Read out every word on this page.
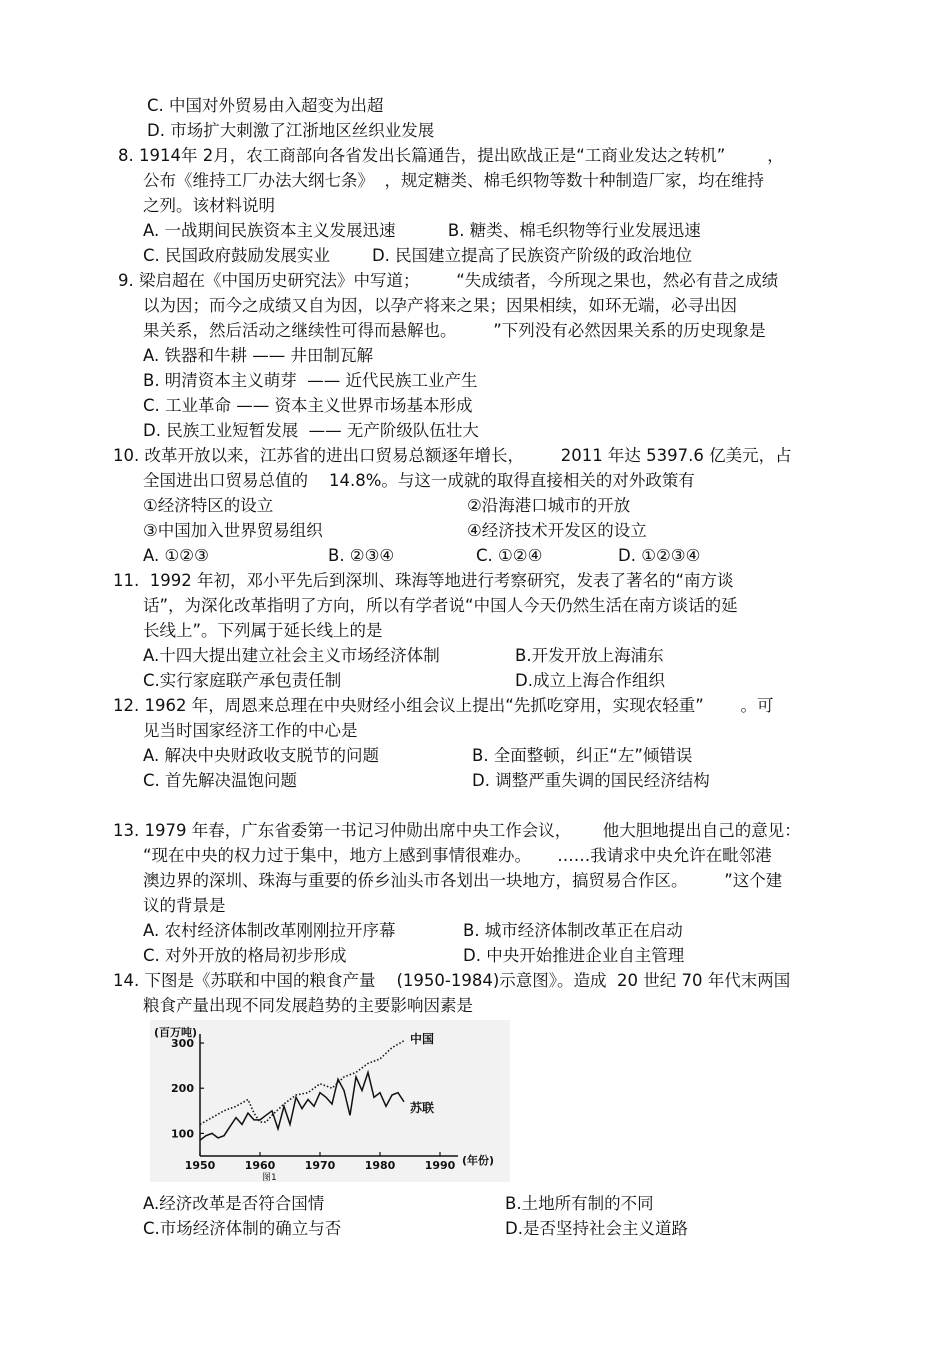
C. 中国对外贸易由入超变为出超
D. 市场扩大刺激了江浙地区丝织业发展
8. 1914年 2月，农工商部向各省发出长篇通告，提出欧战正是“工商业发达之转机”        ，
公布《维持工厂办法大纲七条》  ，规定糖类、棉毛织物等数十种制造厂家，均在维持
之列。该材料说明
A. 一战期间民族资本主义发展迅速          B. 糖类、棉毛织物等行业发展迅速
C. 民国政府鼓励发展实业        D. 民国建立提高了民族资产阶级的政治地位
9. 梁启超在《中国历史研究法》中写道；       “失成绩者，今所现之果也，然必有昔之成绩
以为因；而今之成绩又自为因，以孕产将来之果；因果相续，如环无端，必寻出因
果关系，然后活动之继续性可得而悬解也。       ”下列没有必然因果关系的历史现象是
A. 铁器和牛耕 —— 井田制瓦解
B. 明清资本主义萌芽  —— 近代民族工业产生
C. 工业革命 —— 资本主义世界市场基本形成
D. 民族工业短暂发展  —— 无产阶级队伍壮大
10. 改革开放以来，江苏省的进出口贸易总额逐年增长，       2011 年达 5397.6 亿美元，占
全国进出口贸易总值的    14.8%。与这一成就的取得直接相关的对外政策有
①经济特区的设立	②沿海港口城市的开放
③中国加入世界贸易组织	④经济技术开发区的设立
A. ①②③	B. ②③④	C. ①②④	D. ①②③④
11.  1992 年初，邓小平先后到深圳、珠海等地进行考察研究，发表了著名的“南方谈
话”，为深化改革指明了方向，所以有学者说“中国人今天仍然生活在南方谈话的延
长线上”。下列属于延长线上的是
A.十四大提出建立社会主义市场经济体制	B.开发开放上海浦东
C.实行家庭联产承包责任制	D.成立上海合作组织
12. 1962 年，周恩来总理在中央财经小组会议上提出“先抓吃穿用，实现农轻重”       。可
见当时国家经济工作的中心是
A. 解决中央财政收支脱节的问题	B. 全面整顿，纠正“左”倾错误
C. 首先解决温饱问题	D. 调整严重失调的国民经济结构
13. 1979 年春，广东省委第一书记习仲勋出席中央工作会议，      他大胆地提出自己的意见：
“现在中央的权力过于集中，地方上感到事情很难办。     ……我请求中央允许在毗邻港
澳边界的深圳、珠海与重要的侨乡汕头市各划出一块地方，搞贸易合作区。       ”这个建
议的背景是
A. 农村经济体制改革刚刚拉开序幕	B. 城市经济体制改革正在启动
C. 对外开放的格局初步形成	D. 中央开始推进企业自主管理
14. 下图是《苏联和中国的粮食产量    (1950-1984)示意图》。造成  20 世纪 70 年代末两国
粮食产量出现不同发展趋势的主要影响因素是
(百万吨)
(年份)
图1
1950	1960	1970	1980	1990
100
200
300	中国
苏联
A.经济改革是否符合国情	B.土地所有制的不同
C.市场经济体制的确立与否	D.是否坚持社会主义道路
